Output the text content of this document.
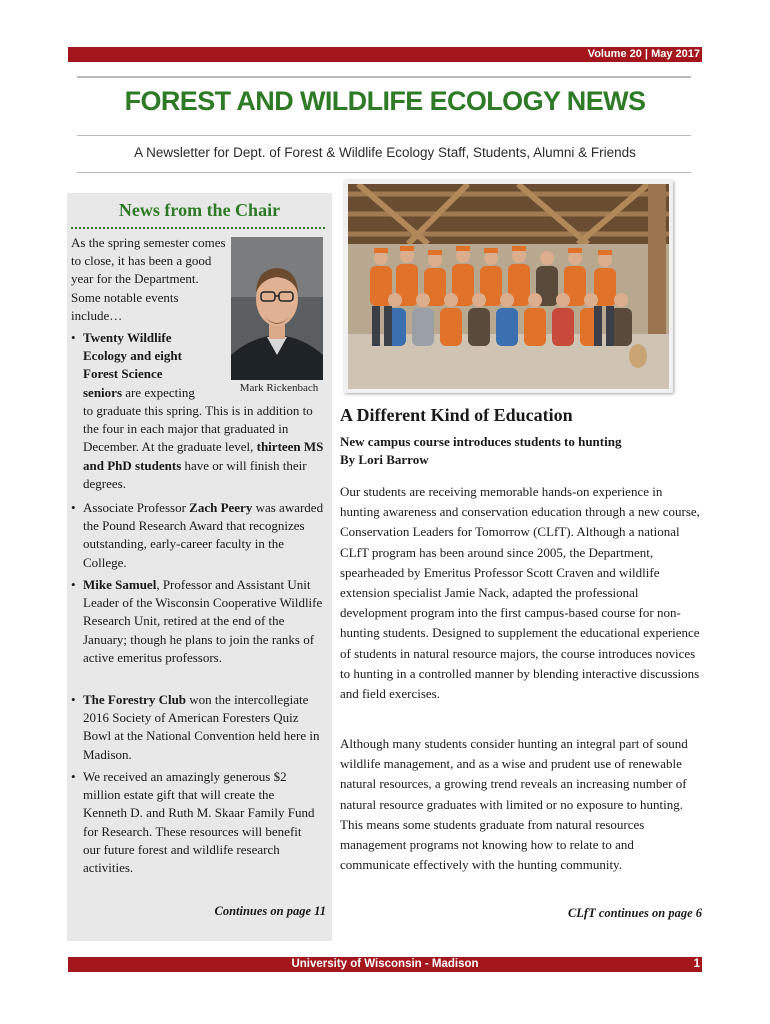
Volume 20 | May 2017
FOREST AND WILDLIFE ECOLOGY NEWS
A Newsletter for Dept. of Forest & Wildlife Ecology Staff, Students, Alumni & Friends
News from the Chair
As the spring semester comes to close, it has been a good year for the Department. Some notable events include…
Mark Rickenbach
• Twenty Wildlife
Ecology and eight
Forest Science
seniors are expecting
to graduate this spring. This is in addition to the four in each major that graduated in December. At the graduate level, thirteen MS and PhD students have or will finish their degrees.
• Associate Professor Zach Peery was awarded the Pound Research Award that recognizes outstanding, early-career faculty in the College.
• Mike Samuel, Professor and Assistant Unit Leader of the Wisconsin Cooperative Wildlife Research Unit, retired at the end of the January; though he plans to join the ranks of active emeritus professors.
• The Forestry Club won the intercollegiate 2016 Society of American Foresters Quiz Bowl at the National Convention held here in Madison.
• We received an amazingly generous $2 million estate gift that will create the Kenneth D. and Ruth M. Skaar Family Fund for Research. These resources will benefit our future forest and wildlife research activities.
Continues on page 11
A Different Kind of Education
New campus course introduces students to hunting
By Lori Barrow
Our students are receiving memorable hands-on experience in hunting awareness and conservation education through a new course, Conservation Leaders for Tomorrow (CLfT). Although a national CLfT program has been around since 2005, the Department, spearheaded by Emeritus Professor Scott Craven and wildlife extension specialist Jamie Nack, adapted the professional development program into the first campus-based course for non-hunting students. Designed to supplement the educational experience of students in natural resource majors, the course introduces novices to hunting in a controlled manner by blending interactive discussions and field exercises.
Although many students consider hunting an integral part of sound wildlife management, and as a wise and prudent use of renewable natural resources, a growing trend reveals an increasing number of natural resource graduates with limited or no exposure to hunting. This means some students graduate from natural resources management programs not knowing how to relate to and communicate effectively with the hunting community.
CLfT continues on page 6
University of Wisconsin - Madison	1
